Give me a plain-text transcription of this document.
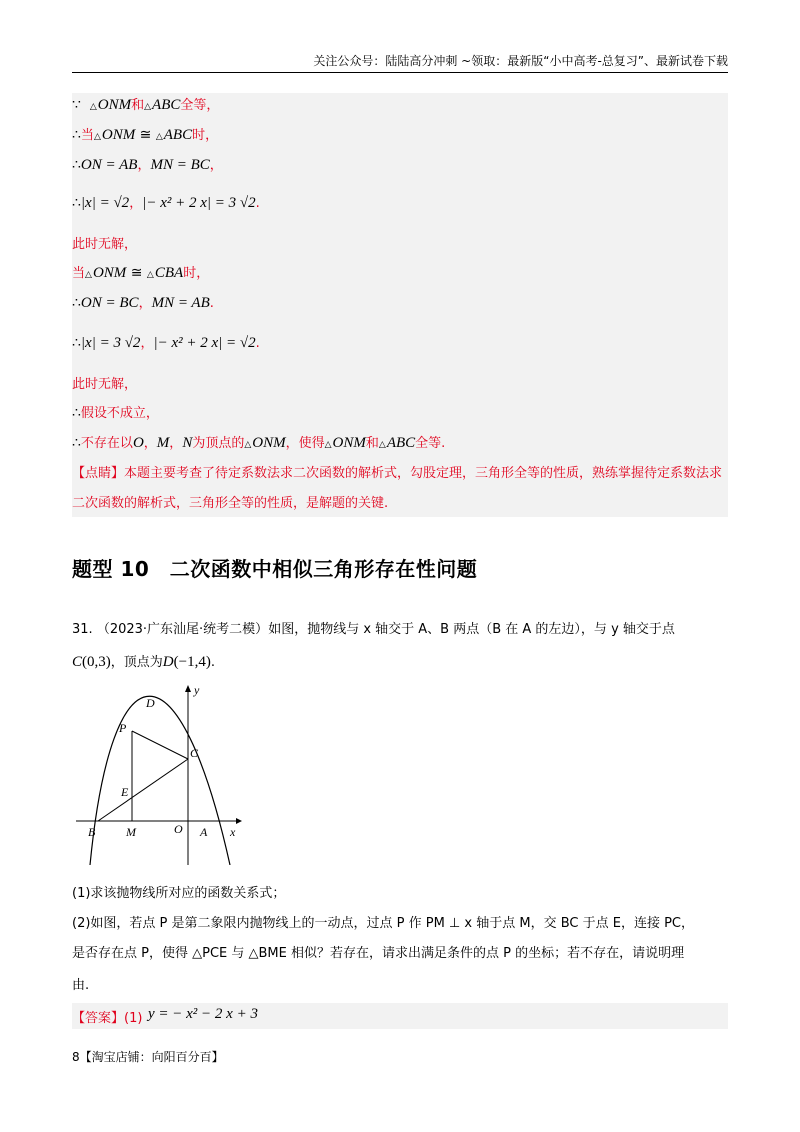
关注公众号：陆陆高分冲刺 ~领取：最新版“小中高考-总复习”、最新试卷下载
∵ △ONM和△ABC全等，
∴当△ONM ≅ △ABC时，
∴ON = AB，MN = BC，
∴|x| = √2，|− x² + 2 x| = 3 √2.
此时无解，
当△ONM ≅ △CBA时，
∴ON = BC，MN = AB.
∴|x| = 3 √2，|− x² + 2 x| = √2.
此时无解，
∴假设不成立，
∴不存在以O，M，N为顶点的△ONM，使得△ONM和△ABC全等.
【点睛】本题主要考查了待定系数法求二次函数的解析式，勾股定理，三角形全等的性质，熟练掌握待定系数法求二次函数的解析式，三角形全等的性质，是解题的关键.
题型 10　二次函数中相似三角形存在性问题
31. （2023·广东汕尾·统考二模）如图，抛物线与 x 轴交于 A、B 两点（B 在 A 的左边），与 y 轴交于点
C(0,3)，顶点为D(−1,4).
D
y
P
C
E
B	M	O A x
(1)求该抛物线所对应的函数关系式；
(2)如图，若点 P 是第二象限内抛物线上的一动点，过点 P 作 PM ⊥ x 轴于点 M，交 BC 于点 E，连接 PC，
是否存在点 P，使得 △PCE 与 △BME 相似？若存在，请求出满足条件的点 P 的坐标；若不存在，请说明理
由.
【答案】(1) y = − x² − 2 x + 3
8【淘宝店铺：向阳百分百】
